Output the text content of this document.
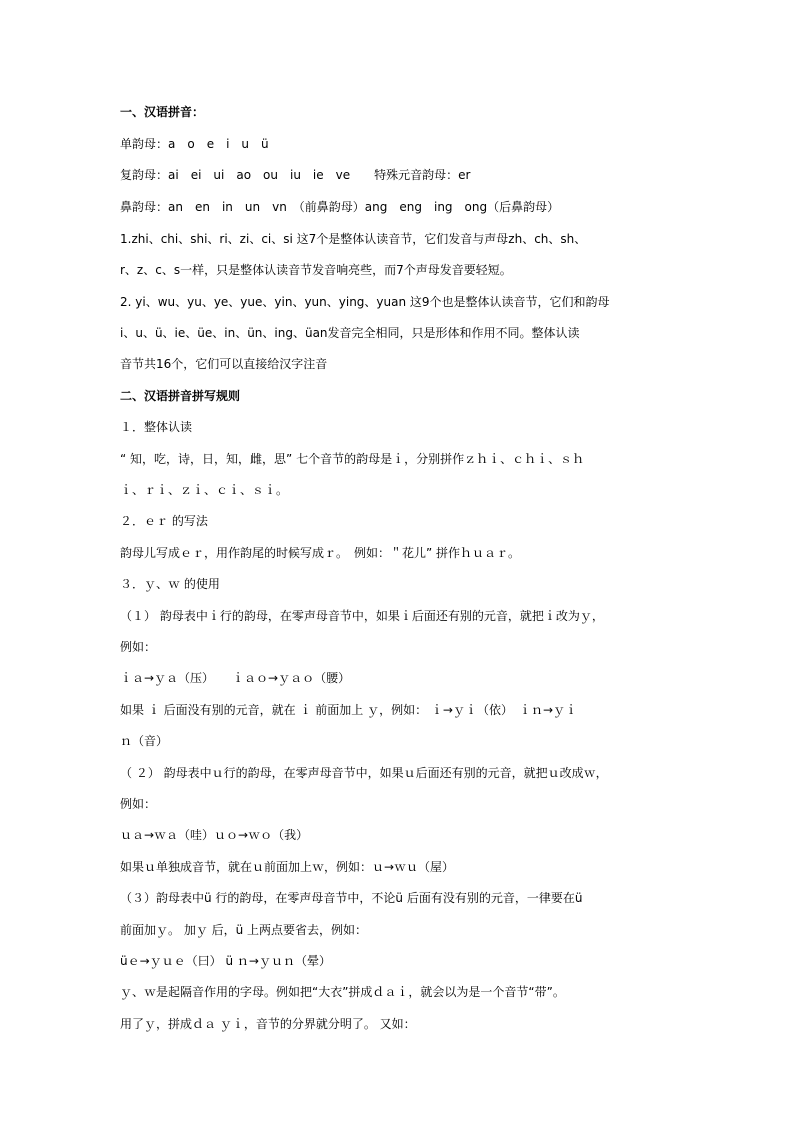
一、汉语拼音：
单韵母：a　o　e　i　u　ü
复韵母：ai　ei　ui　ao　ou　iu　ie　ve　　特殊元音韵母：er
鼻韵母：an　en　in　un　vn　（前鼻韵母）ang　eng　ing　ong（后鼻韵母）
1.zhi、chi、shi、ri、zi、ci、si 这7个是整体认读音节，它们发音与声母zh、ch、sh、
r、z、c、s一样，只是整体认读音节发音响亮些，而7个声母发音要轻短。
2. yi、wu、yu、ye、yue、yin、yun、ying、yuan 这9个也是整体认读音节，它们和韵母
i、u、ü、ie、üe、in、ün、ing、üan发音完全相同，只是形体和作用不同。整体认读
音节共16个，它们可以直接给汉字注音
二、汉语拼音拼写规则
１．整体认读
“ 知，吃，诗，日，知，雌，思” 七个音节的韵母是ｉ，分别拼作ｚｈｉ、ｃｈｉ、ｓｈ
ｉ、ｒｉ、ｚｉ、ｃｉ、ｓｉ。
２．ｅｒ 的写法
韵母儿写成ｅｒ，用作韵尾的时候写成ｒ。　例如：＂花儿” 拼作ｈｕａｒ。
３．ｙ、ｗ 的使用
（１） 韵母表中ｉ行的韵母，在零声母音节中，如果ｉ后面还有别的元音，就把ｉ改为ｙ，
例如：
ｉａ→ｙａ（压）　　ｉａｏ→ｙａｏ（腰）
如果 ｉ 后面没有别的元音，就在 ｉ 前面加上 ｙ，例如： ｉ→ｙｉ（依）　ｉｎ→ｙｉ
ｎ（音）
（ ２） 韵母表中ｕ行的韵母，在零声母音节中，如果ｕ后面还有别的元音，就把ｕ改成ｗ，
例如：
ｕａ→ｗａ（哇）ｕｏ→ｗｏ（我）
如果ｕ单独成音节，就在ｕ前面加上ｗ，例如：ｕ→ｗｕ（屋）
（３）韵母表中ü 行的韵母，在零声母音节中，不论ü 后面有没有别的元音，一律要在ü
前面加ｙ。 加ｙ 后，ü 上两点要省去，例如：
üｅ→ｙｕｅ（曰） ü ｎ→ｙｕｎ（晕）
ｙ、ｗ是起隔音作用的字母。例如把“大衣”拼成ｄａｉ，就会以为是一个音节“带”。
用了ｙ，拼成ｄａ ｙｉ，音节的分界就分明了。 又如：
